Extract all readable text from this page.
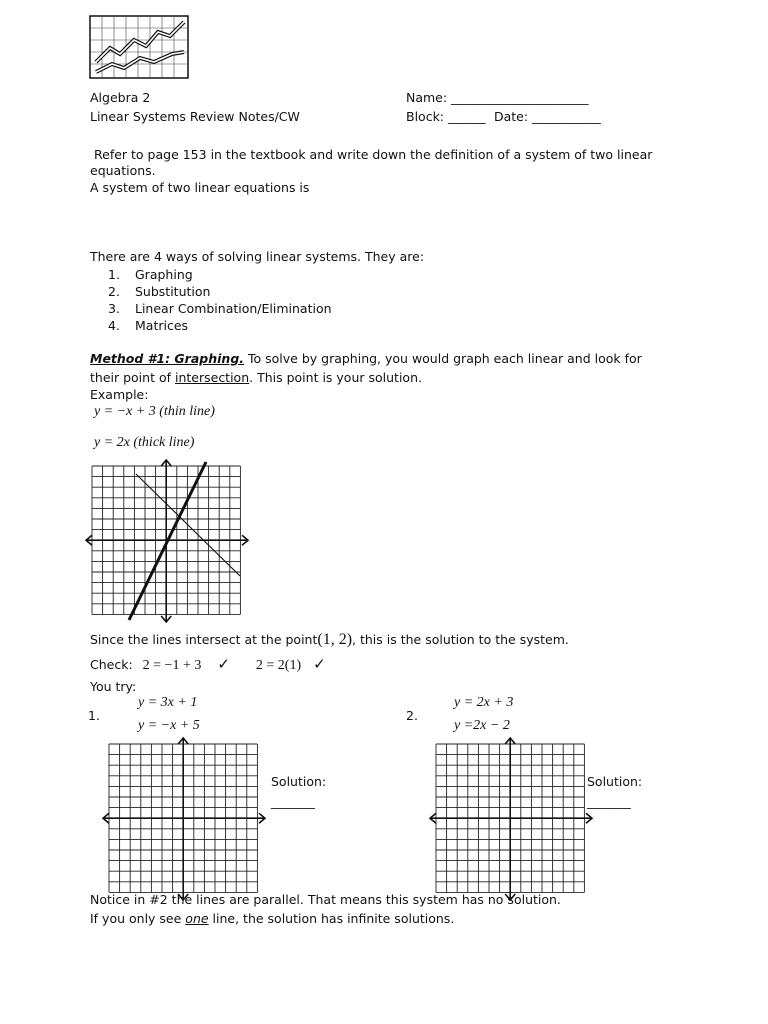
Algebra 2
Linear Systems Review Notes/CW
Name: ______________________
Block: ______ Date: ___________
Refer to page 153 in the textbook and write down the definition of a system of two linear
equations.
A system of two linear equations is
There are 4 ways of solving linear systems. They are:
1. Graphing
2. Substitution
3. Linear Combination/Elimination
4. Matrices
Method #1: Graphing. To solve by graphing, you would graph each linear and look for
their point of intersection. This point is your solution.
Example:
y = −x + 3 (thin line)
y = 2x (thick line)
Since the lines intersect at the point(1, 2), this is the solution to the system.
Check: 2 = −1 + 3 ✓ 2 = 2(1) ✓
You try:
1.
y = 3x + 1
y = −x + 5
Solution:
_______
2.
y = 2x + 3
y =2x − 2
Solution:
_______
Notice in #2 the lines are parallel. That means this system has no solution.
If you only see one line, the solution has infinite solutions.
